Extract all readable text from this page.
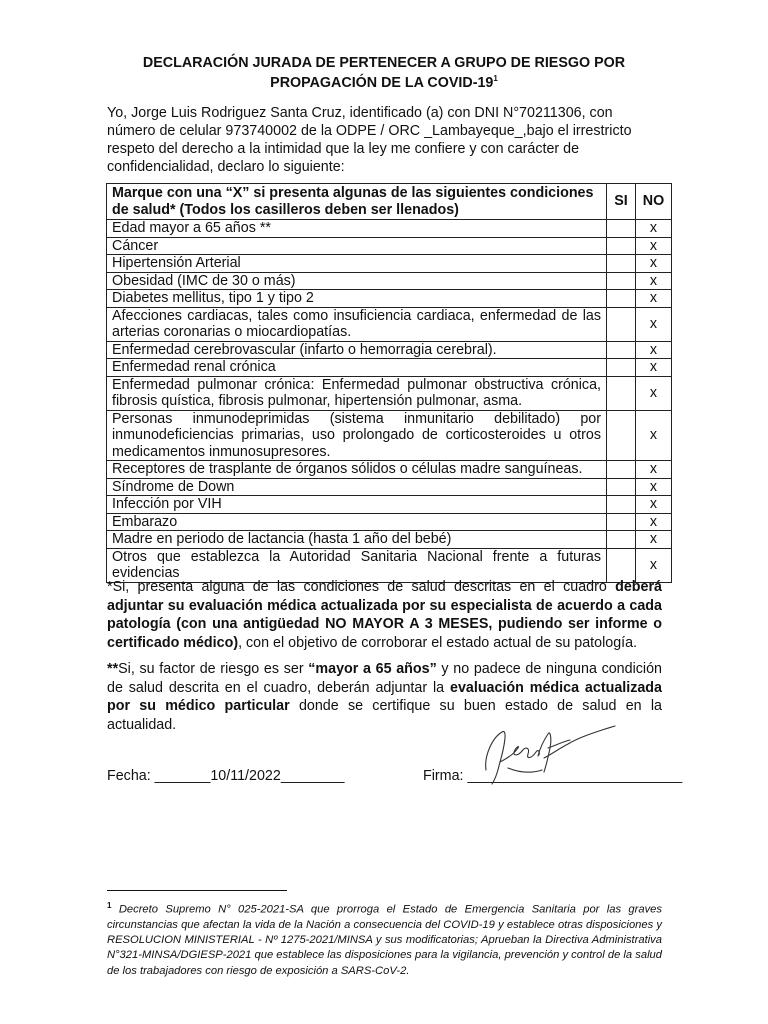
DECLARACIÓN JURADA DE PERTENECER A GRUPO DE RIESGO POR
PROPAGACIÓN DE LA COVID-$19^1$
Yo, Jorge Luis Rodriguez Santa Cruz, identificado (a) con DNI N°70211306, con número de celular 973740002 de la ODPE / ORC _Lambayeque_,bajo el irrestricto respeto del derecho a la intimidad que la ley me confiere y con carácter de confidencialidad, declaro lo siguiente:
Marque con una “X” si presenta algunas de las siguientes condiciones de salud* (Todos los casilleros deben ser llenados)	SI	NO
Edad mayor a 65 años **		x
Cáncer		x
Hipertensión Arterial		x
Obesidad (IMC de 30 o más)		x
Diabetes mellitus, tipo 1 y tipo 2		x
Afecciones cardiacas, tales como insuficiencia cardiaca, enfermedad de las arterias coronarias o miocardiopatías.		x
Enfermedad cerebrovascular (infarto o hemorragia cerebral).		x
Enfermedad renal crónica		x
Enfermedad pulmonar crónica: Enfermedad pulmonar obstructiva crónica, fibrosis quística, fibrosis pulmonar, hipertensión pulmonar, asma.		x
Personas inmunodeprimidas (sistema inmunitario debilitado) por inmunodeficiencias primarias, uso prolongado de corticosteroides u otros medicamentos inmunosupresores.		x
Receptores de trasplante de órganos sólidos o células madre sanguíneas.		x
Síndrome de Down		x
Infección por VIH		x
Embarazo		x
Madre en periodo de lactancia (hasta 1 año del bebé)		x
Otros que establezca la Autoridad Sanitaria Nacional frente a futuras evidencias		x
*Si, presenta alguna de las condiciones de salud descritas en el cuadro deberá adjuntar su evaluación médica actualizada por su especialista de acuerdo a cada patología (con una antigüedad NO MAYOR A 3 MESES, pudiendo ser informe o certificado médico), con el objetivo de corroborar el estado actual de su patología.
**Si, su factor de riesgo es ser “mayor a 65 años” y no padece de ninguna condición de salud descrita en el cuadro, deberán adjuntar la evaluación médica actualizada por su médico particular donde se certifique su buen estado de salud en la actualidad.
Fecha: _______10/11/2022________	Firma: ___________________________
$^1$ Decreto Supremo N° 025-2021-SA que prorroga el Estado de Emergencia Sanitaria por las graves circunstancias que afectan la vida de la Nación a consecuencia del COVID-19 y establece otras disposiciones y RESOLUCION MINISTERIAL - Nº 1275-2021/MINSA y sus modificatorias; Aprueban la Directiva Administrativa N°321-MINSA/DGIESP-2021 que establece las disposiciones para la vigilancia, prevención y control de la salud de los trabajadores con riesgo de exposición a SARS-CoV-2.
